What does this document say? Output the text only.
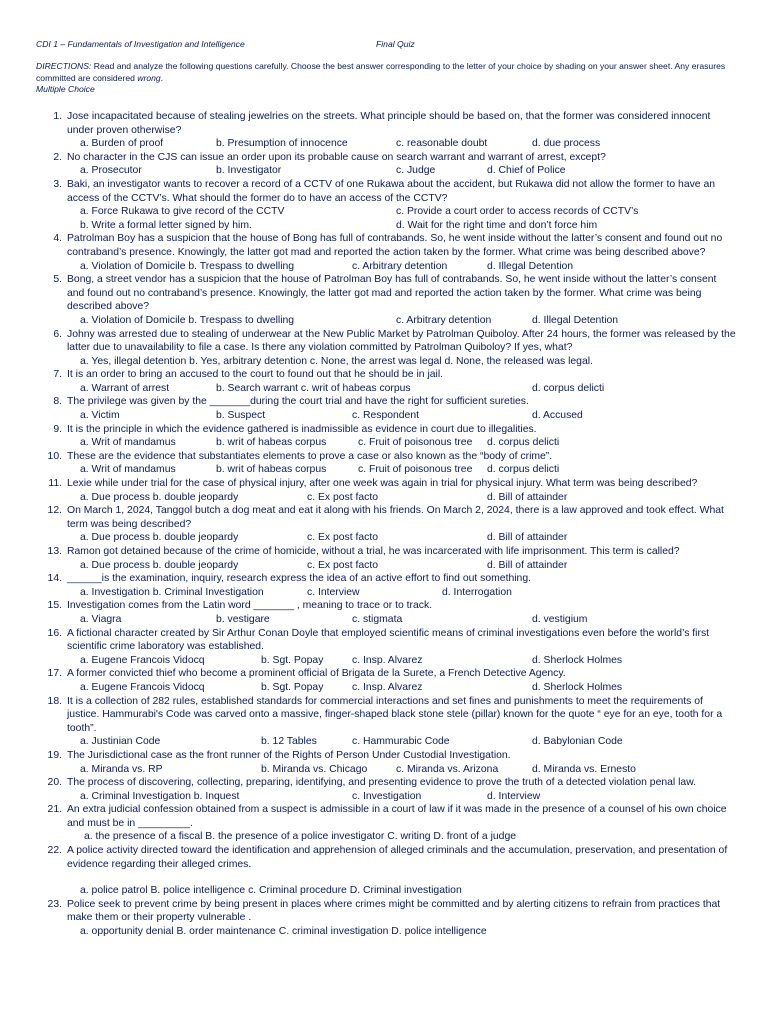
CDI 1 – Fundamentals of Investigation and Intelligence	Final Quiz
DIRECTIONS: Read and analyze the following questions carefully. Choose the best answer corresponding to the letter of your choice by shading on your answer sheet. Any erasures committed are considered wrong.
Multiple Choice
1. Jose incapacitated because of stealing jewelries on the streets. What principle should be based on, that the former was considered innocent under proven otherwise?
a. Burden of proof	b. Presumption of innocence	c. reasonable doubt	d. due process
2. No character in the CJS can issue an order upon its probable cause on search warrant and warrant of arrest, except?
a. Prosecutor	b. Investigator	c. Judge	d. Chief of Police
3. Baki, an investigator wants to recover a record of a CCTV of one Rukawa about the accident, but Rukawa did not allow the former to have an access of the CCTV’s. What should the former do to have an access of the CCTV?
a. Force Rukawa to give record of the CCTV	c. Provide a court order to access records of CCTV’s
b. Write a formal letter signed by him.	d. Wait for the right time and don’t force him
4. Patrolman Boy has a suspicion that the house of Bong has full of contrabands. So, he went inside without the latter’s consent and found out no contraband’s presence. Knowingly, the latter got mad and reported the action taken by the former. What crime was being described above?
a. Violation of Domicile b. Trespass to dwelling	c. Arbitrary detention	d. Illegal Detention
5. Bong, a street vendor has a suspicion that the house of Patrolman Boy has full of contrabands. So, he went inside without the latter’s consent and found out no contraband’s presence. Knowingly, the latter got mad and reported the action taken by the former. What crime was being described above?
a. Violation of Domicile b. Trespass to dwelling	c. Arbitrary detention	d. Illegal Detention
6. Johny was arrested due to stealing of underwear at the New Public Market by Patrolman Quiboloy. After 24 hours, the former was released by the latter due to unavailability to file a case. Is there any violation committed by Patrolman Quiboloy? If yes, what?
a. Yes, illegal detention b. Yes, arbitrary detention c. None, the arrest was legal d. None, the released was legal.
7. It is an order to bring an accused to the court to found out that he should be in jail.
a. Warrant of arrest	b. Search warrant c. writ of habeas corpus	d. corpus delicti
8. The privilege was given by the _______during the court trial and have the right for sufficient sureties.
a. Victim	b. Suspect	c. Respondent	d. Accused
9. It is the principle in which the evidence gathered is inadmissible as evidence in court due to illegalities.
a. Writ of mandamus	b. writ of habeas corpus	c. Fruit of poisonous tree d. corpus delicti
10. These are the evidence that substantiates elements to prove a case or also known as the “body of crime”.
a. Writ of mandamus	b. writ of habeas corpus	c. Fruit of poisonous tree d. corpus delicti
11. Lexie while under trial for the case of physical injury, after one week was again in trial for physical injury. What term was being described?
a. Due process b. double jeopardy	c. Ex post facto	d. Bill of attainder
12. On March 1, 2024, Tanggol butch a dog meat and eat it along with his friends. On March 2, 2024, there is a law approved and took effect. What term was being described?
a. Due process b. double jeopardy	c. Ex post facto	d. Bill of attainder
13. Ramon got detained because of the crime of homicide, without a trial, he was incarcerated with life imprisonment. This term is called?
a. Due process b. double jeopardy	c. Ex post facto	d. Bill of attainder
14. ______is the examination, inquiry, research express the idea of an active effort to find out something.
a. Investigation b. Criminal Investigation	c. Interview	d. Interrogation
15. Investigation comes from the Latin word _______ , meaning to trace or to track.
a. Viagra	b. vestigare	c. stigmata	d. vestigium
16. A fictional character created by Sir Arthur Conan Doyle that employed scientific means of criminal investigations even before the world’s first scientific crime laboratory was established.
a. Eugene Francois Vidocq	b. Sgt. Popay	c. Insp. Alvarez	d. Sherlock Holmes
17. A former convicted thief who become a prominent official of Brigata de la Surete, a French Detective Agency.
a. Eugene Francois Vidocq	b. Sgt. Popay	c. Insp. Alvarez	d. Sherlock Holmes
18. It is a collection of 282 rules, established standards for commercial interactions and set fines and punishments to meet the requirements of justice. Hammurabi's Code was carved onto a massive, finger-shaped black stone stele (pillar) known for the quote “ eye for an eye, tooth for a tooth”.
a. Justinian Code	b. 12 Tables	c. Hammurabic Code	d. Babylonian Code
19. The Jurisdictional case as the front runner of the Rights of Person Under Custodial Investigation.
a. Miranda vs. RP	b. Miranda vs. Chicago	c. Miranda vs. Arizona	d. Miranda vs. Ernesto
20. The process of discovering, collecting, preparing, identifying, and presenting evidence to prove the truth of a detected violation penal law.
a. Criminal Investigation b. Inquest	c. Investigation	d. Interview
21. An extra judicial confession obtained from a suspect is admissible in a court of law if it was made in the presence of a counsel of his own choice and must be in _________.
a. the presence of a fiscal B. the presence of a police investigator C. writing D. front of a judge
22. A police activity directed toward the identification and apprehension of alleged criminals and the accumulation, preservation, and presentation of evidence regarding their alleged crimes.
a. police patrol B. police intelligence c. Criminal procedure D. Criminal investigation
23. Police seek to prevent crime by being present in places where crimes might be committed and by alerting citizens to refrain from practices that make them or their property vulnerable .
a. opportunity denial B. order maintenance C. criminal investigation D. police intelligence
